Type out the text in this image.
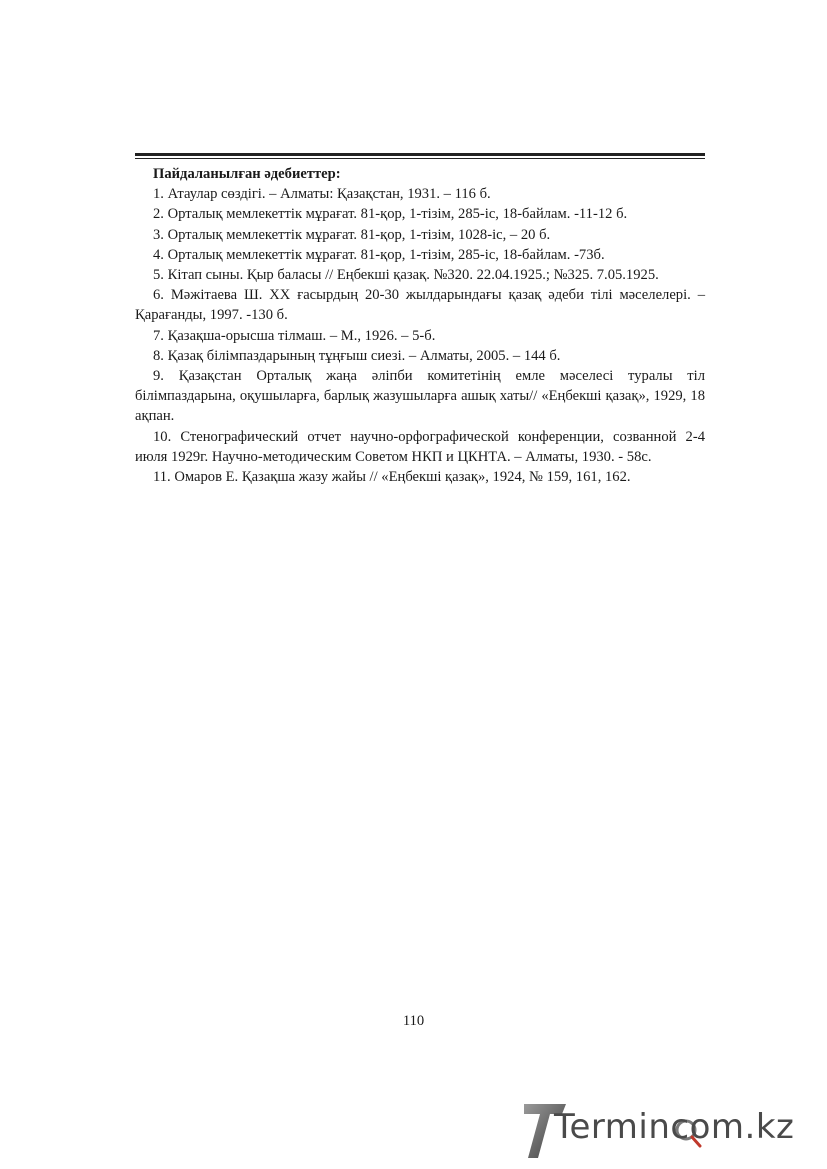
Пайдаланылған әдебиеттер:

1. Атаулар сөздігі. – Алматы: Қазақстан, 1931. – 116 б.

2. Орталық мемлекеттік мұрағат. 81-қор, 1-тізім, 285-іс, 18-байлам. -11-12 б.

3. Орталық мемлекеттік мұрағат. 81-қор, 1-тізім, 1028-іс, – 20 б.

4. Орталық мемлекеттік мұрағат. 81-қор, 1-тізім, 285-іс, 18-байлам. -73б.

5. Кітап сыны. Қыр баласы // Еңбекші қазақ. №320. 22.04.1925.; №325. 7.05.1925.

6. Мәжітаева Ш. XX ғасырдың 20-30 жылдарындағы қазақ әдеби тілі мәселелері. – Қарағанды, 1997. -130 б.

7. Қазақша-орысша тілмаш. – М., 1926. – 5-б.

8. Қазақ білімпаздарының тұңғыш сиезі. – Алматы, 2005. – 144 б.

9. Қазақстан Орталық жаңа әліпби комитетінің емле мәселесі туралы тіл білімпаздарына, оқушыларға, барлық жазушыларға ашық хаты// «Еңбекші қазақ», 1929, 18 ақпан.

10. Стенографический отчет научно-орфографической конференции, созванной 2-4 июля 1929г. Научно-методическим Советом НКП и ЦКНТА. – Алматы, 1930. - 58с.

11. Омаров Е. Қазақша жазу жайы // «Еңбекші қазақ», 1924, № 159, 161, 162.

110
Termincom.kz
